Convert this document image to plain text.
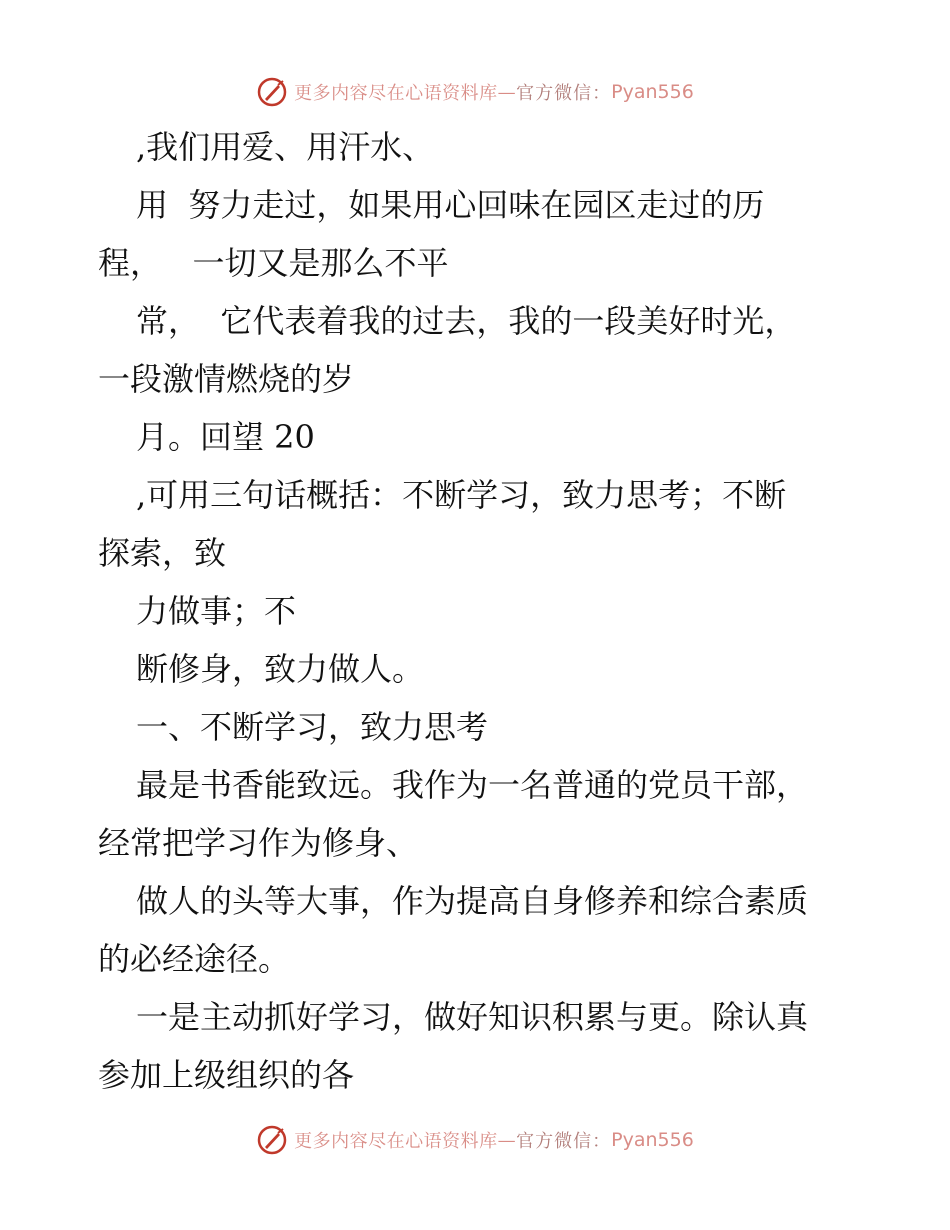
更多内容尽在心语资料库 — 官方微信 ： Pyan556

,我们用爱、用汗水、

用  努力走过，如果用心回味在园区走过的历

程，   一切又是那么不平

常，  它代表着我的过去，我的一段美好时光，

一段激情燃烧的岁

月。回望 20

,可用三句话概括：不断学习，致力思考；不断

探索，致

力做事；不

断修身，致力做人。

一、不断学习，致力思考

最是书香能致远。我作为一名普通的党员干部，

经常把学习作为修身、

做人的头等大事，作为提高自身修养和综合素质

的必经途径。

一是主动抓好学习，做好知识积累与更。除认真

参加上级组织的各

更多内容尽在心语资料库 — 官方微信 ： Pyan556
